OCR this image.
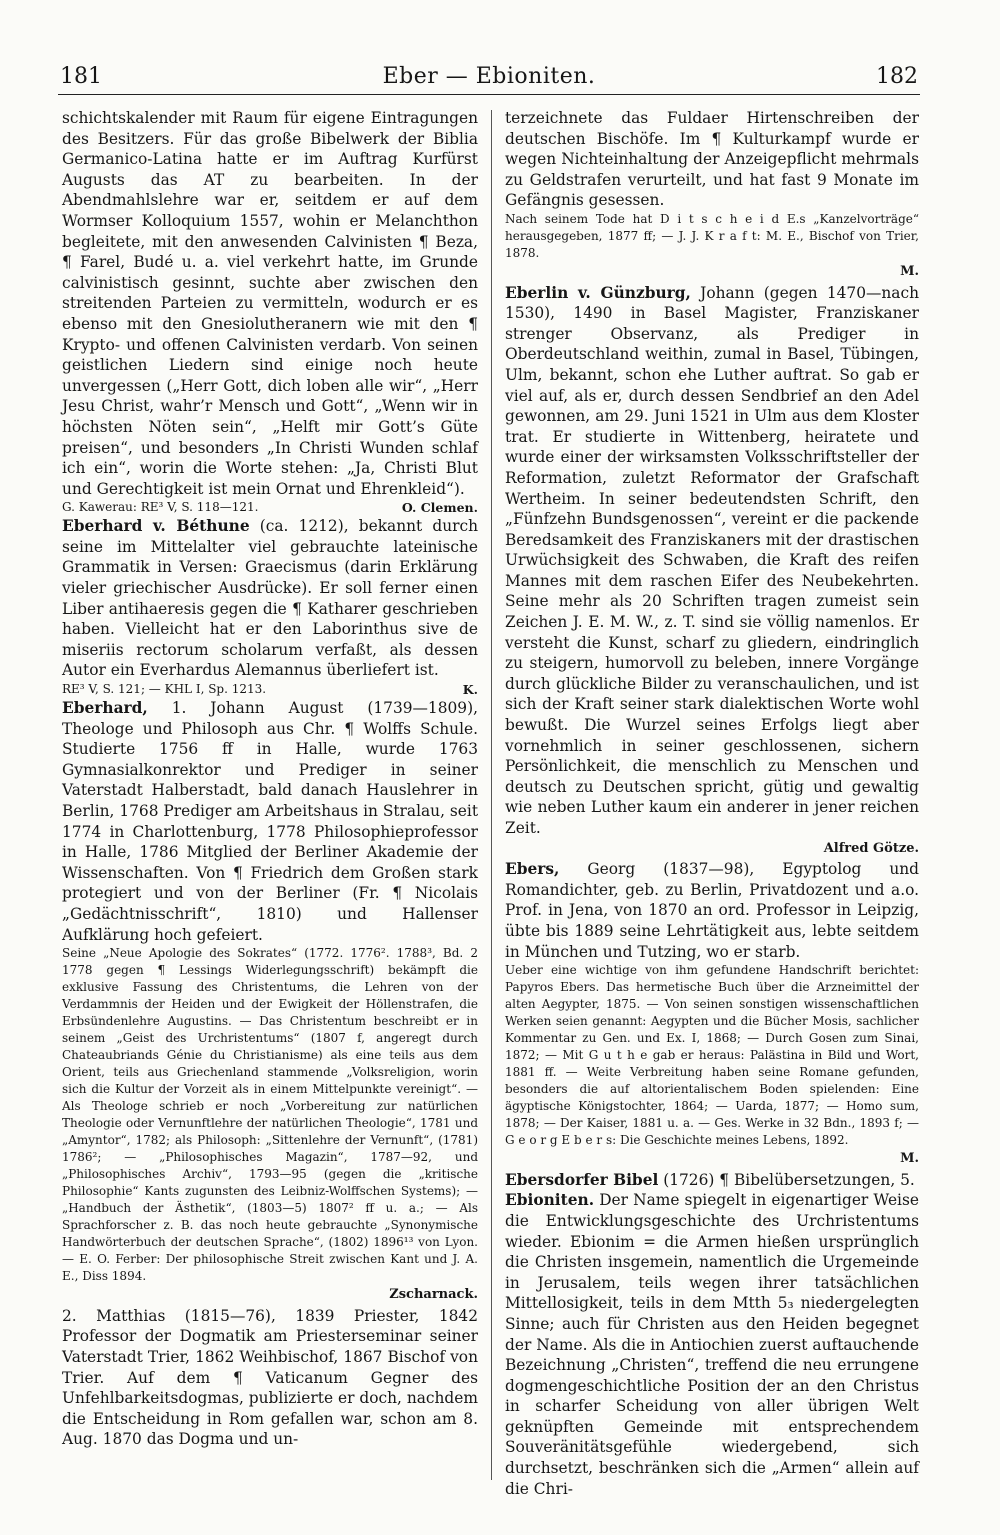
181	Eber — Ebioniten.	182

schichtskalender mit Raum für eigene Eintragungen des Besitzers. Für das große Bibelwerk der Biblia Germanico-Latina hatte er im Auftrag Kurfürst Augusts das AT zu bearbeiten. In der Abendmahlslehre war er, seitdem er auf dem Wormser Kolloquium 1557, wohin er Melanchthon begleitete, mit den anwesenden Calvinisten ¶ Beza, ¶ Farel, Budé u. a. viel verkehrt hatte, im Grunde calvinistisch gesinnt, suchte aber zwischen den streitenden Parteien zu vermitteln, wodurch er es ebenso mit den Gnesiolutheranern wie mit den ¶ Krypto- und offenen Calvinisten verdarb. Von seinen geistlichen Liedern sind einige noch heute unvergessen („Herr Gott, dich loben alle wir“, „Herr Jesu Christ, wahr’r Mensch und Gott“, „Wenn wir in höchsten Nöten sein“, „Helft mir Gott’s Güte preisen“, und besonders „In Christi Wunden schlaf ich ein“, worin die Worte stehen: „Ja, Christi Blut und Gerechtigkeit ist mein Ornat und Ehrenkleid“).

G. Kawerau: RE³ V, S. 118—121.	O. Clemen.

Eberhard v. Béthune (ca. 1212), bekannt durch seine im Mittelalter viel gebrauchte lateinische Grammatik in Versen: Graecismus (darin Erklärung vieler griechischer Ausdrücke). Er soll ferner einen Liber antihaeresis gegen die ¶ Katharer geschrieben haben. Vielleicht hat er den Laborinthus sive de miseriis rectorum scholarum verfaßt, als dessen Autor ein Everhardus Alemannus überliefert ist.

RE³ V, S. 121; — KHL I, Sp. 1213.	K.

Eberhard, 1. Johann August (1739—1809), Theologe und Philosoph aus Chr. ¶ Wolffs Schule. Studierte 1756 ff in Halle, wurde 1763 Gymnasialkonrektor und Prediger in seiner Vaterstadt Halberstadt, bald danach Hauslehrer in Berlin, 1768 Prediger am Arbeitshaus in Stralau, seit 1774 in Charlottenburg, 1778 Philosophieprofessor in Halle, 1786 Mitglied der Berliner Akademie der Wissenschaften. Von ¶ Friedrich dem Großen stark protegiert und von der Berliner (Fr. ¶ Nicolais „Gedächtnisschrift“, 1810) und Hallenser Aufklärung hoch gefeiert.

Seine „Neue Apologie des Sokrates“ (1772. 1776². 1788³, Bd. 2 1778 gegen ¶ Lessings Widerlegungsschrift) bekämpft die exklusive Fassung des Christentums, die Lehren von der Verdammnis der Heiden und der Ewigkeit der Höllenstrafen, die Erbsündenlehre Augustins. — Das Christentum beschreibt er in seinem „Geist des Urchristentums“ (1807 f, angeregt durch Chateaubriands Génie du Christianisme) als eine teils aus dem Orient, teils aus Griechenland stammende „Volksreligion, worin sich die Kultur der Vorzeit als in einem Mittelpunkte vereinigt“. — Als Theologe schrieb er noch „Vorbereitung zur natürlichen Theologie oder Vernunftlehre der natürlichen Theologie“, 1781 und „Amyntor“, 1782; als Philosoph: „Sittenlehre der Vernunft“, (1781) 1786²; — „Philosophisches Magazin“, 1787—92, und „Philosophisches Archiv“, 1793—95 (gegen die „kritische Philosophie“ Kants zugunsten des Leibniz-Wolffschen Systems); — „Handbuch der Ästhetik“, (1803—5) 1807² ff u. a.; — Als Sprachforscher z. B. das noch heute gebrauchte „Synonymische Handwörterbuch der deutschen Sprache“, (1802) 1896¹³ von Lyon. — E. O. Ferber: Der philosophische Streit zwischen Kant und J. A. E., Diss 1894.

Zscharnack.

2. Matthias (1815—76), 1839 Priester, 1842 Professor der Dogmatik am Priesterseminar seiner Vaterstadt Trier, 1862 Weihbischof, 1867 Bischof von Trier. Auf dem ¶ Vaticanum Gegner des Unfehlbarkeitsdogmas, publizierte er doch, nachdem die Entscheidung in Rom gefallen war, schon am 8. Aug. 1870 das Dogma und un-

terzeichnete das Fuldaer Hirtenschreiben der deutschen Bischöfe. Im ¶ Kulturkampf wurde er wegen Nichteinhaltung der Anzeigepflicht mehrmals zu Geldstrafen verurteilt, und hat fast 9 Monate im Gefängnis gesessen.

Nach seinem Tode hat D i t s c h e i d E.s „Kanzelvorträge“ herausgegeben, 1877 ff; — J. J. K r a f t: M. E., Bischof von Trier, 1878.

M.

Eberlin v. Günzburg, Johann (gegen 1470—nach 1530), 1490 in Basel Magister, Franziskaner strenger Observanz, als Prediger in Oberdeutschland weithin, zumal in Basel, Tübingen, Ulm, bekannt, schon ehe Luther auftrat. So gab er viel auf, als er, durch dessen Sendbrief an den Adel gewonnen, am 29. Juni 1521 in Ulm aus dem Kloster trat. Er studierte in Wittenberg, heiratete und wurde einer der wirksamsten Volksschriftsteller der Reformation, zuletzt Reformator der Grafschaft Wertheim. In seiner bedeutendsten Schrift, den „Fünfzehn Bundsgenossen“, vereint er die packende Beredsamkeit des Franziskaners mit der drastischen Urwüchsigkeit des Schwaben, die Kraft des reifen Mannes mit dem raschen Eifer des Neubekehrten. Seine mehr als 20 Schriften tragen zumeist sein Zeichen J. E. M. W., z. T. sind sie völlig namenlos. Er versteht die Kunst, scharf zu gliedern, eindringlich zu steigern, humorvoll zu beleben, innere Vorgänge durch glückliche Bilder zu veranschaulichen, und ist sich der Kraft seiner stark dialektischen Worte wohl bewußt. Die Wurzel seines Erfolgs liegt aber vornehmlich in seiner geschlossenen, sichern Persönlichkeit, die menschlich zu Menschen und deutsch zu Deutschen spricht, gütig und gewaltig wie neben Luther kaum ein anderer in jener reichen Zeit.

Alfred Götze.

Ebers, Georg (1837—98), Egyptolog und Romandichter, geb. zu Berlin, Privatdozent und a.o. Prof. in Jena, von 1870 an ord. Professor in Leipzig, übte bis 1889 seine Lehrtätigkeit aus, lebte seitdem in München und Tutzing, wo er starb.

Ueber eine wichtige von ihm gefundene Handschrift berichtet: Papyros Ebers. Das hermetische Buch über die Arzneimittel der alten Aegypter, 1875. — Von seinen sonstigen wissenschaftlichen Werken seien genannt: Aegypten und die Bücher Mosis, sachlicher Kommentar zu Gen. und Ex. I, 1868; — Durch Gosen zum Sinai, 1872; — Mit G u t h e gab er heraus: Palästina in Bild und Wort, 1881 ff. — Weite Verbreitung haben seine Romane gefunden, besonders die auf altorientalischem Boden spielenden: Eine ägyptische Königstochter, 1864; — Uarda, 1877; — Homo sum, 1878; — Der Kaiser, 1881 u. a. — Ges. Werke in 32 Bdn., 1893 f; — G e o r g E b e r s: Die Geschichte meines Lebens, 1892.

M.

Ebersdorfer Bibel (1726) ¶ Bibelübersetzungen, 5.

Ebioniten. Der Name spiegelt in eigenartiger Weise die Entwicklungsgeschichte des Urchristentums wieder. Ebionim = die Armen hießen ursprünglich die Christen insgemein, namentlich die Urgemeinde in Jerusalem, teils wegen ihrer tatsächlichen Mittellosigkeit, teils in dem Mtth 5₃ niedergelegten Sinne; auch für Christen aus den Heiden begegnet der Name. Als die in Antiochien zuerst auftauchende Bezeichnung „Christen“, treffend die neu errungene dogmengeschichtliche Position der an den Christus in scharfer Scheidung von aller übrigen Welt geknüpften Gemeinde mit entsprechendem Souveränitätsgefühle wiedergebend, sich durchsetzt, beschränken sich die „Armen“ allein auf die Chri-
